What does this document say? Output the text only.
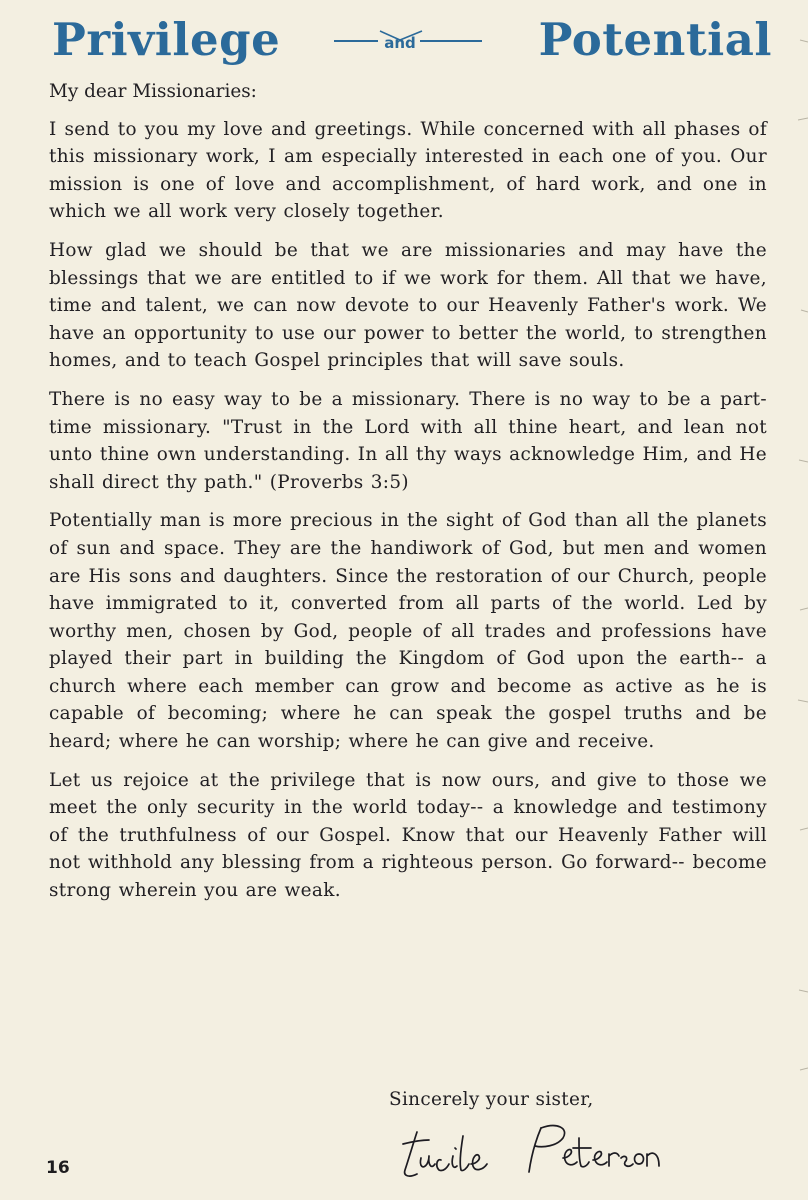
Privilege	and	Potential

My dear Missionaries:

I send to you my love and greetings. While concerned with all phases of this missionary work, I am especially interested in each one of you. Our mission is one of love and accomplishment, of hard work, and one in which we all work very closely together.

How glad we should be that we are missionaries and may have the blessings that we are entitled to if we work for them. All that we have, time and talent, we can now devote to our Heavenly Father's work. We have an opportunity to use our power to better the world, to strengthen homes, and to teach Gospel principles that will save souls.

There is no easy way to be a missionary. There is no way to be a part-time missionary. "Trust in the Lord with all thine heart, and lean not unto thine own understanding. In all thy ways acknowledge Him, and He shall direct thy path." (Proverbs 3:5)

Potentially man is more precious in the sight of God than all the planets of sun and space. They are the handiwork of God, but men and women are His sons and daughters. Since the restoration of our Church, people have immigrated to it, converted from all parts of the world. Led by worthy men, chosen by God, people of all trades and professions have played their part in building the Kingdom of God upon the earth-- a church where each member can grow and become as active as he is capable of becoming; where he can speak the gospel truths and be heard; where he can worship; where he can give and receive.

Let us rejoice at the privilege that is now ours, and give to those we meet the only security in the world today-- a knowledge and testimony of the truthfulness of our Gospel. Know that our Heavenly Father will not withhold any blessing from a righteous person. Go forward-- become strong wherein you are weak.

Sincerely your sister,
16
